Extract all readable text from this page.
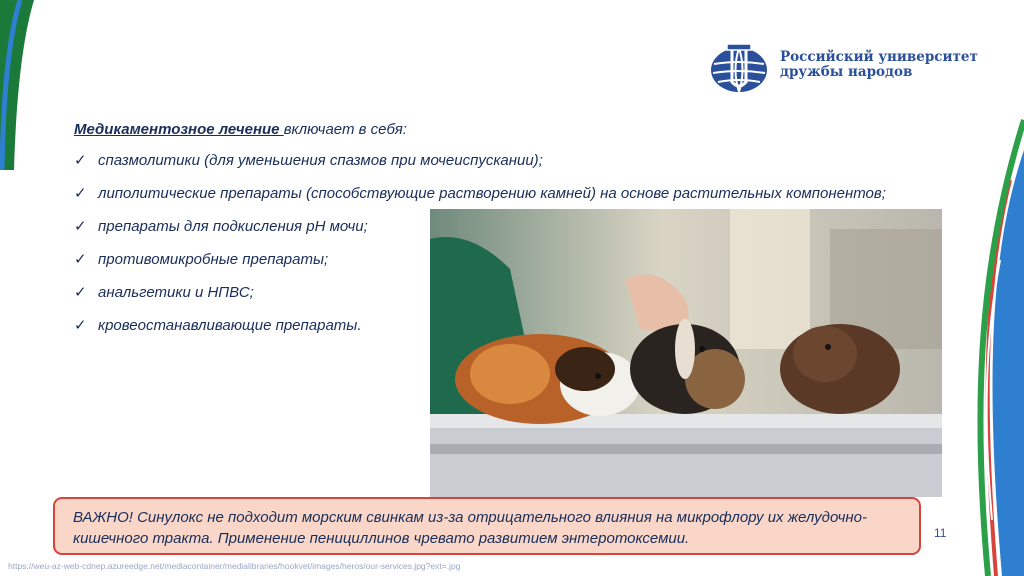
Российский университет
дружбы народов

Медикаментозное лечение включает в себя:

✓ спазмолитики (для уменьшения спазмов при мочеиспускании);
✓ липолитические препараты (способствующие растворению камней) на основе растительных компонентов;
✓ препараты для подкисления рН мочи;
✓ противомикробные препараты;
✓ анальгетики и НПВС;
✓ кровеостанавливающие препараты.
ВАЖНО! Синулокс не подходит морским свинкам из-за отрицательного влияния на микрофлору их желудочно-кишечного тракта. Применение пенициллинов чревато развитием энтеротоксемии.	11
https://weu-az-web-cdnep.azureedge.net/mediacontainer/medialibraries/hookvet/images/heros/our-services.jpg?ext=.jpg
